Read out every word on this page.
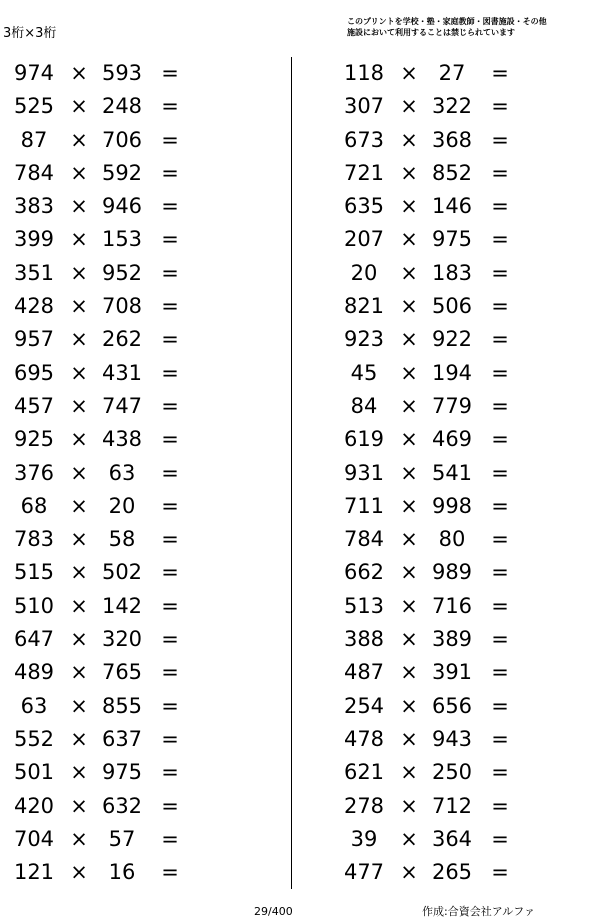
3桁×3桁
このプリントを学校・塾・家庭教師・図書施設・その他
施設において利用することは禁じられています
974 × 593 =
525 × 248 =
87	× 706 =
784 × 592 =
383 × 946 =
399 × 153 =
351 × 952 =
428 × 708 =
957 × 262 =
695 × 431 =
457 × 747 =
925 × 438 =
376 × 63	=
68	× 20	=
783 × 58	=
515 × 502 =
510 × 142 =
647 × 320 =
489 × 765 =
63	× 855 =
552 × 637 =
501 × 975 =
420 × 632 =
704 × 57	=
121 × 16	=
118 × 27	=
307 × 322 =
673 × 368 =
721 × 852 =
635 × 146 =
207 × 975 =
20	× 183 =
821 × 506 =
923 × 922 =
45	× 194 =
84	× 779 =
619 × 469 =
931 × 541 =
711 × 998 =
784 × 80	=
662 × 989 =
513 × 716 =
388 × 389 =
487 × 391 =
254 × 656 =
478 × 943 =
621 × 250 =
278 × 712 =
39	× 364 =
477 × 265 =
29/400	作成:合資会社アルファ
